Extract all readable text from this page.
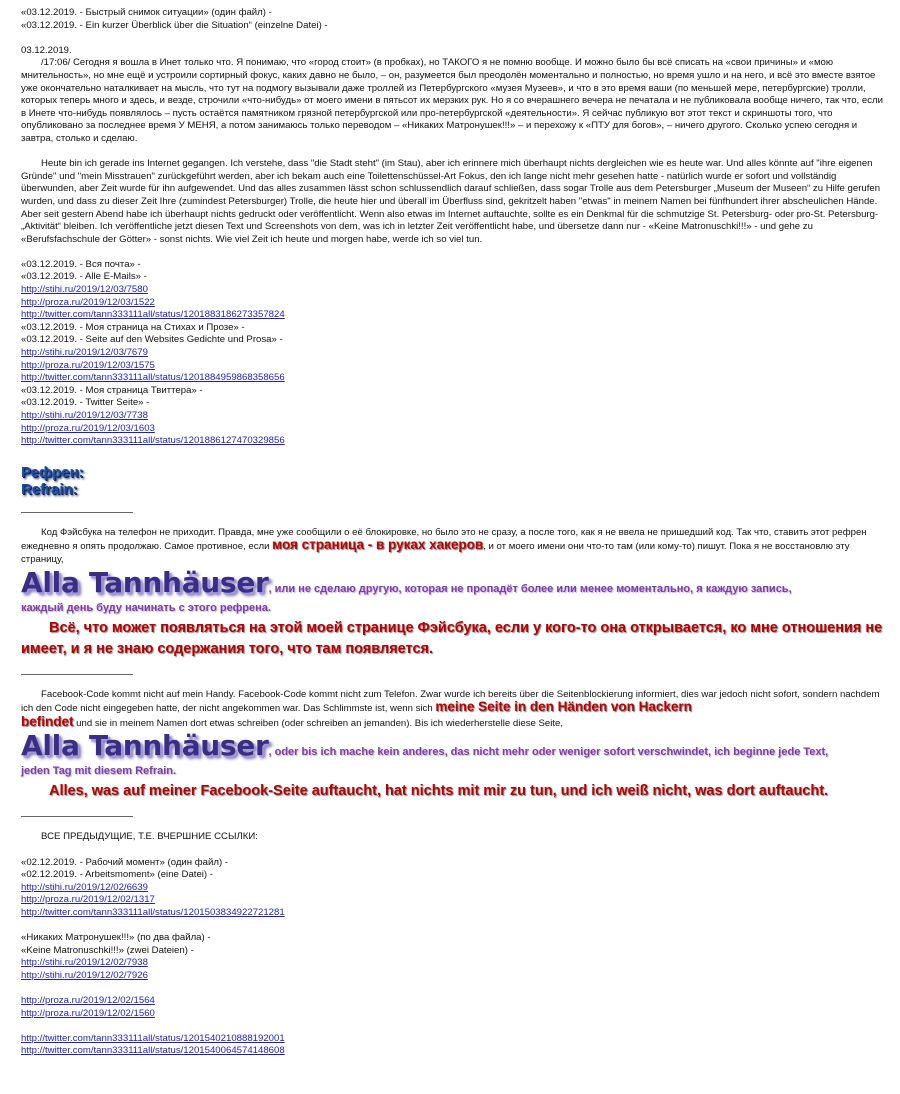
«03.12.2019. - Быстрый снимок ситуации» (один файл) -

«03.12.2019. - Ein kurzer Überblick über die Situation“ (einzelne Datei) -

03.12.2019.

/17:06/ Сегодня я вошла в Инет только что. Я понимаю, что «город стоит» (в пробках), но ТАКОГО я не помню вообще. И можно было бы всё списать на «свои причины» и «мою мнительность», но мне ещё и устроили сортирный фокус, каких давно не было, – он, разумеется был преодолён моментально и полностью, но время ушло и на него, и всё это вместе взятое уже окончательно наталкивает на мысль, что тут на подмогу вызывали даже троллей из Петербургского «музея Музеев», и что в это время ваши (по меньшей мере, петербургские) тролли, которых теперь много и здесь, и везде, строчили «что-нибудь» от моего имени в пятьсот их мерзких рук. Но я со вчерашнего вечера не печатала и не публиковала вообще ничего, так что, если в Инете что-нибудь появлялось – пусть остаётся памятником грязной петербургской или про-петербургской «деятельности». Я сейчас публикую вот этот текст и скриншоты того, что опубликовано за последнее время У МЕНЯ, а потом занимаюсь только переводом – «Никаких Матронушек!!!» – и перехожу к «ПТУ для богов», – ничего другого. Сколько успею сегодня и завтра, столько и сделаю.

Heute bin ich gerade ins Internet gegangen. Ich verstehe, dass "die Stadt steht" (im Stau), aber ich erinnere mich überhaupt nichts dergleichen wie es heute war. Und alles könnte auf "ihre eigenen Gründe" und "mein Misstrauen" zurückgeführt werden, aber ich bekam auch eine Toilettenschüssel-Art Fokus, den ich lange nicht mehr gesehen hatte - natürlich wurde er sofort und vollständig überwunden, aber Zeit wurde für ihn aufgewendet. Und das alles zusammen lässt schon schlussendlich darauf schließen, dass sogar Trolle aus dem Petersburger „Museum der Museen“ zu Hilfe gerufen wurden, und dass zu dieser Zeit Ihre (zumindest Petersburger) Trolle, die heute hier und überall im Überfluss sind, gekritzelt haben "etwas" in meinem Namen bei fünfhundert ihrer abscheulichen Hände. Aber seit gestern Abend habe ich überhaupt nichts gedruckt oder veröffentlicht. Wenn also etwas im Internet auftauchte, sollte es ein Denkmal für die schmutzige St. Petersburg- oder pro-St. Petersburg- „Aktivität“ bleiben. Ich veröffentliche jetzt diesen Text und Screenshots von dem, was ich in letzter Zeit veröffentlicht habe, und übersetze dann nur - «Keine Matronuschki!!!» - und gehe zu «Berufsfachschule der Götter» - sonst nichts. Wie viel Zeit ich heute und morgen habe, werde ich so viel tun.

«03.12.2019. - Вся почта» -

«03.12.2019. - Alle E-Mails» -

http://stihi.ru/2019/12/03/7580
http://proza.ru/2019/12/03/1522
http://twitter.com/tann333111all/status/1201883186273357824

«03.12.2019. - Моя страница на Стихах и Прозе» -

«03.12.2019. - Seite auf den Websites Gedichte und Prosa» -

http://stihi.ru/2019/12/03/7679
http://proza.ru/2019/12/03/1575
http://twitter.com/tann333111all/status/1201884959868358656

«03.12.2019. - Моя страница Твиттера» -

«03.12.2019. - Twitter Seite» -

http://stihi.ru/2019/12/03/7738
http://proza.ru/2019/12/03/1603
http://twitter.com/tann333111all/status/1201886127470329856

Рефрен:

Refrain:

Код Фэйсбука на телефон не приходит. Правда, мне уже сообщили о её блокировке, но было это не сразу, а после того, как я не ввела не пришедший код. Так что, ставить этот рефрен ежедневно я опять продолжаю. Самое противное, если моя страница - в руках хакеров, и от моего имени они что-то там (или кому-то) пишут. Пока я не восстановлю эту страницу,

Alla Tannhäuser, или не сделаю другую, которая не пропадёт более или менее моментально, я каждую запись,

каждый день буду начинать с этого рефрена.

Всё, что может появляться на этой моей странице Фэйсбука, если у кого-то она открывается, ко мне отношения не имеет, и я не знаю содержания того, что там появляется.

Facebook-Code kommt nicht auf mein Handy. Facebook-Code kommt nicht zum Telefon. Zwar wurde ich bereits über die Seitenblockierung informiert, dies war jedoch nicht sofort, sondern nachdem ich den Code nicht eingegeben hatte, der nicht angekommen war. Das Schlimmste ist, wenn sich meine Seite in den Händen von Hackern

befindet und sie in meinem Namen dort etwas schreiben (oder schreiben an jemanden). Bis ich wiederherstelle diese Seite,

Alla Tannhäuser, oder bis ich mache kein anderes, das nicht mehr oder weniger sofort verschwindet, ich beginne jede Text,

jeden Tag mit diesem Refrain.

Alles, was auf meiner Facebook-Seite auftaucht, hat nichts mit mir zu tun, und ich weiß nicht, was dort auftaucht.

ВСЕ ПРЕДЫДУЩИЕ, Т.Е. ВЧЕРШНИЕ ССЫЛКИ:

«02.12.2019. - Рабочий момент» (один файл) -

«02.12.2019. - Arbeitsmoment» (eine Datei) -

http://stihi.ru/2019/12/02/6639
http://proza.ru/2019/12/02/1317
http://twitter.com/tann333111all/status/1201503834922721281

«Никаких Матронушек!!!» (по два файла) -

«Keine Matronuschki!!!» (zwei Dateien) -

http://stihi.ru/2019/12/02/7938
http://stihi.ru/2019/12/02/7926
http://proza.ru/2019/12/02/1564
http://proza.ru/2019/12/02/1560
http://twitter.com/tann333111all/status/1201540210888192001
http://twitter.com/tann333111all/status/1201540064574148608
